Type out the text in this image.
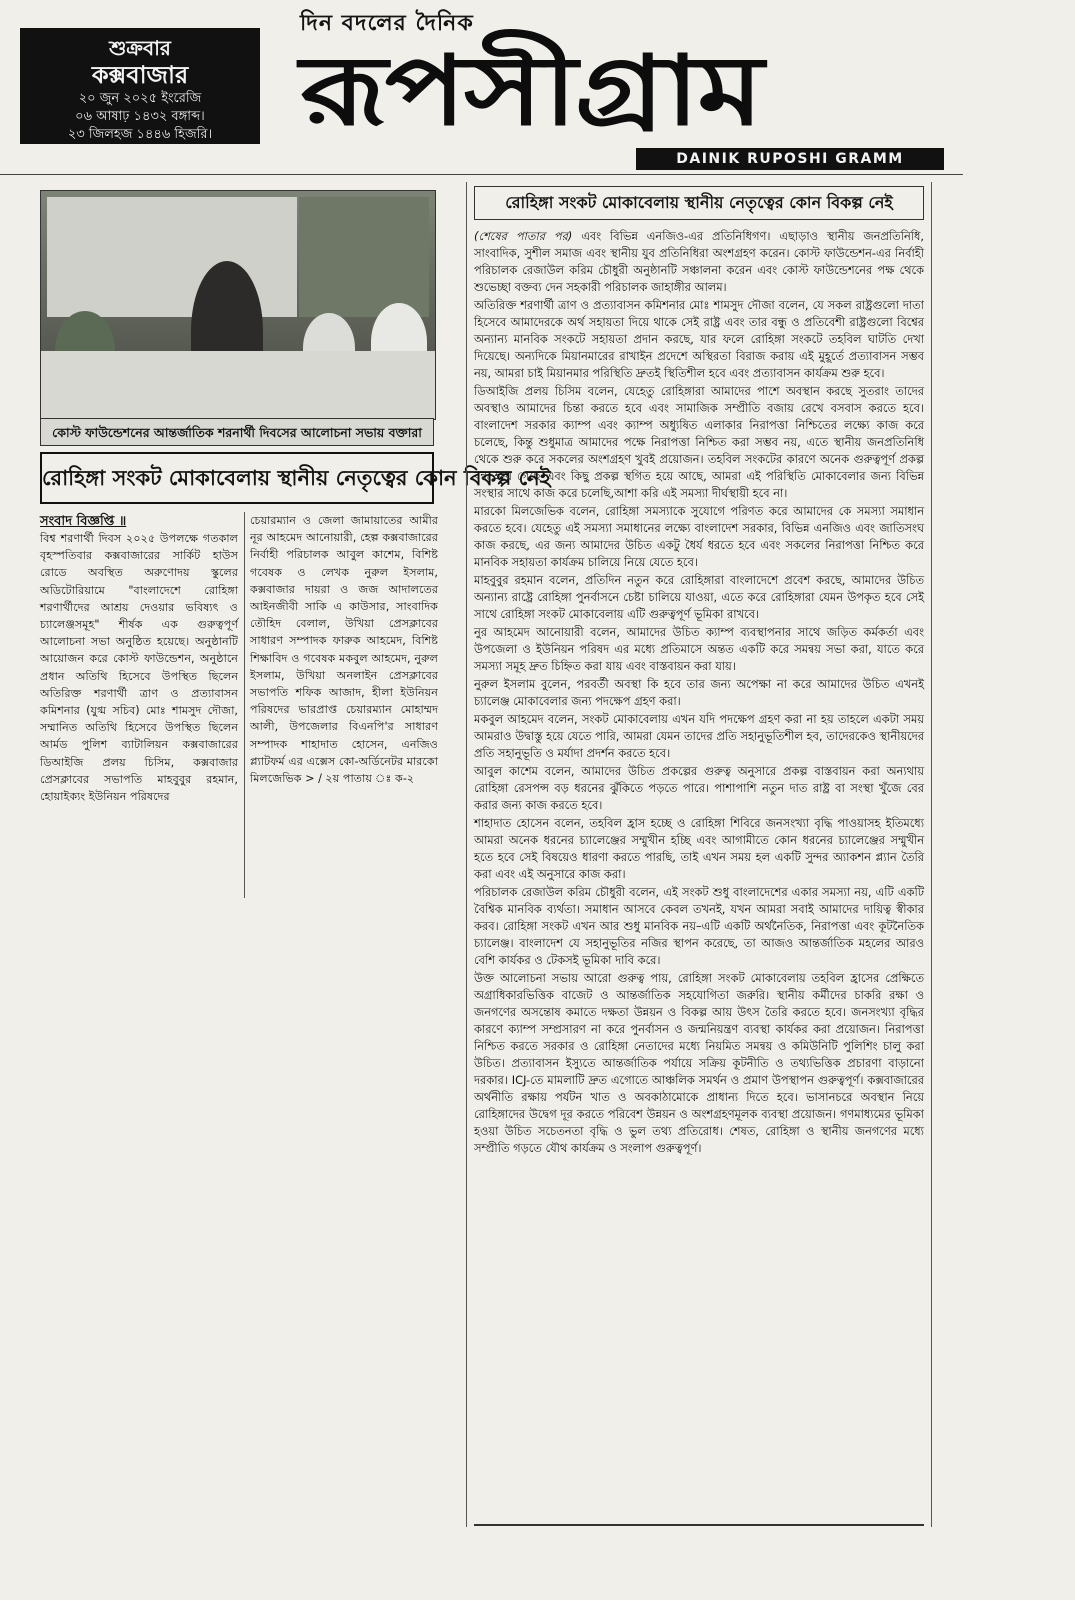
শুক্রবার
কক্সবাজার
২০ জুন ২০২৫ ইংরেজি
০৬ আষাঢ় ১৪৩২ বঙ্গাব্দ।
২৩ জিলহজ ১৪৪৬ হিজরি।
দিন বদলের দৈনিক
রূপসীগ্রাম
DAINIK RUPOSHI GRAMM
কোস্ট ফাউন্ডেশনের আন্তর্জাতিক শরনার্থী দিবসের আলোচনা সভায় বক্তারা
রোহিঙ্গা সংকট মোকাবেলায় স্থানীয় নেতৃত্বের কোন বিকল্প নেই
সংবাদ বিজ্ঞপ্তি ॥
বিশ্ব শরণার্থী দিবস ২০২৫ উপলক্ষে গতকাল বৃহস্পতিবার কক্সবাজারের সার্কিট হাউস রোডে অবস্থিত অরুণোদয় স্কুলের অডিটোরিয়ামে "বাংলাদেশে রোহিঙ্গা শরণার্থীদের আশ্রয় দেওয়ার ভবিষ্যৎ ও চ্যালেঞ্জসমূহ" শীর্ষক এক গুরুত্বপূর্ণ আলোচনা সভা অনুষ্ঠিত হয়েছে। অনুষ্ঠানটি আয়োজন করে কোস্ট ফাউন্ডেশন, অনুষ্ঠানে প্রধান অতিথি হিসেবে উপস্থিত ছিলেন অতিরিক্ত শরণার্থী ত্রাণ ও প্রত্যাবাসন কমিশনার (যুগ্ম সচিব) মোঃ শামসুদ দৌজা, সম্মানিত অতিথি হিসেবে উপস্থিত ছিলেন আর্মড পুলিশ ব্যাটালিয়ন কক্সবাজারের ডিআইজি প্রলয় চিসিম, কক্সবাজার প্রেসক্লাবের সভাপতি মাহবুবুর রহমান, হোয়াইক্যং ইউনিয়ন পরিষদের
চেয়ারম্যান ও জেলা জামায়াতের আমীর নূর আহমেদ আনোয়ারী, হেল্প কক্সবাজারের নির্বাহী পরিচালক আবুল কাশেম, বিশিষ্ট গবেষক ও লেখক নুরুল ইসলাম, কক্সবাজার দায়রা ও জজ আদালতের আইনজীবী সাকি এ কাউসার, সাংবাদিক তৌহিদ বেলাল, উখিয়া প্রেসক্লাবের সাধারণ সম্পাদক ফারুক আহমেদ, বিশিষ্ট শিক্ষাবিদ ও গবেষক মকবুল আহমেদ, নুরুল ইসলাম, উখিয়া অনলাইন প্রেসক্লাবের সভাপতি শফিক আজাদ, হীলা ইউনিয়ন পরিষদের ভারপ্রাপ্ত চেয়ারম্যান মোহাম্মদ আলী, উপজেলার বিএনপি'র সাধারণ সম্পাদক শাহাদাত হোসেন, এনজিও প্ল্যাটফর্ম এর এক্সেস কো-অর্ডিনেটর মারকো মিলজেভিক > / ২য় পাতায় ঃ ক-২
রোহিঙ্গা সংকট মোকাবেলায় স্থানীয় নেতৃত্বের কোন বিকল্প নেই

(শেষের পাতার পর) এবং বিভিন্ন এনজিও-এর প্রতিনিধিগণ। এছাড়াও স্থানীয় জনপ্রতিনিধি, সাংবাদিক, সুশীল সমাজ এবং স্থানীয় যুব প্রতিনিধিরা অংশগ্রহণ করেন। কোস্ট ফাউন্ডেশন-এর নির্বাহী পরিচালক রেজাউল করিম চৌধুরী অনুষ্ঠানটি সঞ্চালনা করেন এবং কোস্ট ফাউন্ডেশনের পক্ষ থেকে শুভেচ্ছা বক্তব্য দেন সহকারী পরিচালক জাহাঙ্গীর আলম।

অতিরিক্ত শরণার্থী ত্রাণ ও প্রত্যাবাসন কমিশনার মোঃ শামসুদ দৌজা বলেন, যে সকল রাষ্ট্রগুলো দাতা হিসেবে আমাদেরকে অর্থ সহায়তা দিয়ে থাকে সেই রাষ্ট্র এবং তার বন্ধু ও প্রতিবেশী রাষ্ট্রগুলো বিশ্বের অন্যান্য মানবিক সংকটে সহায়তা প্রদান করছে, যার ফলে রোহিঙ্গা সংকটে তহবিল ঘাটতি দেখা দিয়েছে। অন্যদিকে মিয়ানমারের রাখাইন প্রদেশে অস্থিরতা বিরাজ করায় এই মুহূর্তে প্রত্যাবাসন সম্ভব নয়, আমরা চাই মিয়ানমার পরিস্থিতি দ্রুতই স্থিতিশীল হবে এবং প্রত্যাবাসন কার্যক্রম শুরু হবে।

ডিআইজি প্রলয় চিসিম বলেন, যেহেতু রোহিঙ্গারা আমাদের পাশে অবস্থান করছে সুতরাং তাদের অবস্থাও আমাদের চিন্তা করতে হবে এবং সামাজিক সম্প্রীতি বজায় রেখে বসবাস করতে হবে। বাংলাদেশ সরকার ক্যাম্প এবং ক্যাম্প অধ্যুষিত এলাকার নিরাপত্তা নিশ্চিতের লক্ষ্যে কাজ করে চলেছে, কিন্তু শুধুমাত্র আমাদের পক্ষে নিরাপত্তা নিশ্চিত করা সম্ভব নয়, এতে স্থানীয় জনপ্রতিনিধি থেকে শুরু করে সকলের অংশগ্রহণ খুবই প্রয়োজন। তহবিল সংকটের কারণে অনেক গুরুত্বপূর্ণ প্রকল্প বন্ধ হয়ে গেছে এবং কিছু প্রকল্প স্থগিত হয়ে আছে, আমরা এই পরিস্থিতি মোকাবেলার জন্য বিভিন্ন সংস্থার সাথে কাজ করে চলেছি,আশা করি এই সমস্যা দীর্ঘস্থায়ী হবে না।

মারকো মিলজেভিক বলেন, রোহিঙ্গা সমস্যাকে সুযোগে পরিণত করে আমাদের কে সমস্যা সমাধান করতে হবে। যেহেতু এই সমস্যা সমাধানের লক্ষ্যে বাংলাদেশ সরকার, বিভিন্ন এনজিও এবং জাতিসংঘ কাজ করছে, এর জন্য আমাদের উচিত একটু ধৈর্য ধরতে হবে এবং সকলের নিরাপত্তা নিশ্চিত করে মানবিক সহায়তা কার্যক্রম চালিয়ে নিয়ে যেতে হবে।

মাহবুবুর রহমান বলেন, প্রতিদিন নতুন করে রোহিঙ্গারা বাংলাদেশে প্রবেশ করছে, আমাদের উচিত অন্যান্য রাষ্ট্রে রোহিঙ্গা পুনর্বাসনে চেষ্টা চালিয়ে যাওয়া, এতে করে রোহিঙ্গারা যেমন উপকৃত হবে সেই সাথে রোহিঙ্গা সংকট মোকাবেলায় এটি গুরুত্বপূর্ণ ভূমিকা রাখবে।

নুর আহমেদ আনোয়ারী বলেন, আমাদের উচিত ক্যাম্প ব্যবস্থাপনার সাথে জড়িত কর্মকর্তা এবং উপজেলা ও ইউনিয়ন পরিষদ এর মধ্যে প্রতিমাসে অন্তত একটি করে সমন্বয় সভা করা, যাতে করে সমস্যা সমূহ দ্রুত চিহ্নিত করা যায় এবং বাস্তবায়ন করা যায়।

নুরুল ইসলাম বুলেন, পরবর্তী অবস্থা কি হবে তার জন্য অপেক্ষা না করে আমাদের উচিত এখনই চ্যালেঞ্জ মোকাবেলার জন্য পদক্ষেপ গ্রহণ করা।

মকবুল আহমেদ বলেন, সংকট মোকাবেলায় এখন যদি পদক্ষেপ গ্রহণ করা না হয় তাহলে একটা সময় আমরাও উদ্বাস্তু হয়ে যেতে পারি, আমরা যেমন তাদের প্রতি সহানুভূতিশীল হব, তাদেরকেও স্থানীয়দের প্রতি সহানুভূতি ও মর্যাদা প্রদর্শন করতে হবে।

আবুল কাশেম বলেন, আমাদের উচিত প্রকল্পের গুরুত্ব অনুসারে প্রকল্প বাস্তবায়ন করা অন্যথায় রোহিঙ্গা রেসপন্স বড় ধরনের ঝুঁকিতে পড়তে পারে। পাশাপাশি নতুন দাত রাষ্ট্র বা সংস্থা খুঁজে বের করার জন্য কাজ করতে হবে।

শাহাদাত হোসেন বলেন, তহবিল হ্রাস হচ্ছে ও রোহিঙ্গা শিবিরে জনসংখ্যা বৃদ্ধি পাওয়াসহ ইতিমধ্যে আমরা অনেক ধরনের চ্যালেঞ্জের সম্মুখীন হচ্ছি এবং আগামীতে কোন ধরনের চ্যালেঞ্জের সম্মুখীন হতে হবে সেই বিষয়েও ধারণা করতে পারছি, তাই এখন সময় হল একটি সুন্দর অ্যাকশন প্ল্যান তৈরি করা এবং এই অনুসারে কাজ করা।

পরিচালক রেজাউল করিম চৌধুরী বলেন, এই সংকট শুধু বাংলাদেশের একার সমস্যা নয়, এটি একটি বৈশ্বিক মানবিক ব্যর্থতা। সমাধান আসবে কেবল তখনই, যখন আমরা সবাই আমাদের দায়িত্ব স্বীকার করব। রোহিঙ্গা সংকট এখন আর শুধু মানবিক নয়–এটি একটি অর্থনৈতিক, নিরাপত্তা এবং কূটনৈতিক চ্যালেঞ্জ। বাংলাদেশ যে সহানুভূতির নজির স্থাপন করেছে, তা আজও আন্তর্জাতিক মহলের আরও বেশি কার্যকর ও টেকসই ভূমিকা দাবি করে।

উক্ত আলোচনা সভায় আরো গুরুত্ব পায়, রোহিঙ্গা সংকট মোকাবেলায় তহবিল হ্রাসের প্রেক্ষিতে অগ্রাধিকারভিত্তিক বাজেট ও আন্তর্জাতিক সহযোগিতা জরুরি। স্থানীয় কর্মীদের চাকরি রক্ষা ও জনগণের অসন্তোষ কমাতে দক্ষতা উন্নয়ন ও বিকল্প আয় উৎস তৈরি করতে হবে। জনসংখ্যা বৃদ্ধির কারণে ক্যাম্প সম্প্রসারণ না করে পুনর্বাসন ও জন্মনিয়ন্ত্রণ ব্যবস্থা কার্যকর করা প্রয়োজন। নিরাপত্তা নিশ্চিত করতে সরকার ও রোহিঙ্গা নেতাদের মধ্যে নিয়মিত সমন্বয় ও কমিউনিটি পুলিশিং চালু করা উচিত। প্রত্যাবাসন ইস্যুতে আন্তর্জাতিক পর্যায়ে সক্রিয় কূটনীতি ও তথ্যভিত্তিক প্রচারণা বাড়ানো দরকার। ICJ-তে মামলাটি দ্রুত এগোতে আঞ্চলিক সমর্থন ও প্রমাণ উপস্থাপন গুরুত্বপূর্ণ। কক্সবাজারের অর্থনীতি রক্ষায় পর্যটন খাত ও অবকাঠামোকে প্রাধান্য দিতে হবে। ভাসানচরে অবস্থান নিয়ে রোহিঙ্গাদের উদ্বেগ দূর করতে পরিবেশ উন্নয়ন ও অংশগ্রহণমূলক ব্যবস্থা প্রয়োজন। গণমাধ্যমের ভূমিকা হওয়া উচিত সচেতনতা বৃদ্ধি ও ভুল তথ্য প্রতিরোধ। শেষত, রোহিঙ্গা ও স্থানীয় জনগণের মধ্যে সম্প্রীতি গড়তে যৌথ কার্যক্রম ও সংলাপ গুরুত্বপূর্ণ।
